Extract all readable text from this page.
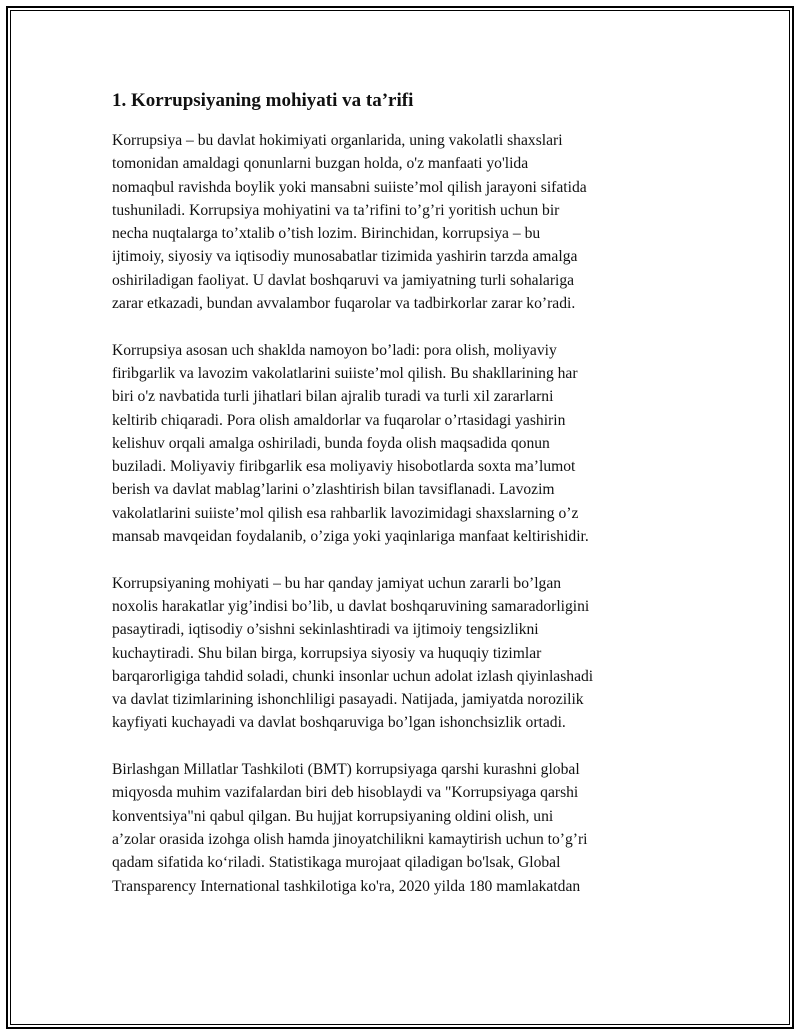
1. Korrupsiyaning mohiyati va ta’rifi
Korrupsiya – bu davlat hokimiyati organlarida, uning vakolatli shaxslari
tomonidan amaldagi qonunlarni buzgan holda, o'z manfaati yo'lida
nomaqbul ravishda boylik yoki mansabni suiiste’mol qilish jarayoni sifatida
tushuniladi. Korrupsiya mohiyatini va ta’rifini to’g’ri yoritish uchun bir
necha nuqtalarga to’xtalib o’tish lozim. Birinchidan, korrupsiya – bu
ijtimoiy, siyosiy va iqtisodiy munosabatlar tizimida yashirin tarzda amalga
oshiriladigan faoliyat. U davlat boshqaruvi va jamiyatning turli sohalariga
zarar etkazadi, bundan avvalambor fuqarolar va tadbirkorlar zarar ko’radi.
Korrupsiya asosan uch shaklda namoyon bo’ladi: pora olish, moliyaviy
firibgarlik va lavozim vakolatlarini suiiste’mol qilish. Bu shakllarining har
biri o'z navbatida turli jihatlari bilan ajralib turadi va turli xil zararlarni
keltirib chiqaradi. Pora olish amaldorlar va fuqarolar o’rtasidagi yashirin
kelishuv orqali amalga oshiriladi, bunda foyda olish maqsadida qonun
buziladi. Moliyaviy firibgarlik esa moliyaviy hisobotlarda soxta ma’lumot
berish va davlat mablag’larini o’zlashtirish bilan tavsiflanadi. Lavozim
vakolatlarini suiiste’mol qilish esa rahbarlik lavozimidagi shaxslarning o’z
mansab mavqeidan foydalanib, o’ziga yoki yaqinlariga manfaat keltirishidir.
Korrupsiyaning mohiyati – bu har qanday jamiyat uchun zararli bo’lgan
noxolis harakatlar yig’indisi bo’lib, u davlat boshqaruvining samaradorligini
pasaytiradi, iqtisodiy o’sishni sekinlashtiradi va ijtimoiy tengsizlikni
kuchaytiradi. Shu bilan birga, korrupsiya siyosiy va huquqiy tizimlar
barqarorligiga tahdid soladi, chunki insonlar uchun adolat izlash qiyinlashadi
va davlat tizimlarining ishonchliligi pasayadi. Natijada, jamiyatda norozilik
kayfiyati kuchayadi va davlat boshqaruviga bo’lgan ishonchsizlik ortadi.
Birlashgan Millatlar Tashkiloti (BMT) korrupsiyaga qarshi kurashni global
miqyosda muhim vazifalardan biri deb hisoblaydi va "Korrupsiyaga qarshi
konventsiya"ni qabul qilgan. Bu hujjat korrupsiyaning oldini olish, uni
a’zolar orasida izohga olish hamda jinoyatchilikni kamaytirish uchun to’g’ri
qadam sifatida ko‘riladi. Statistikaga murojaat qiladigan bo'lsak, Global
Transparency International tashkilotiga ko'ra, 2020 yilda 180 mamlakatdan
